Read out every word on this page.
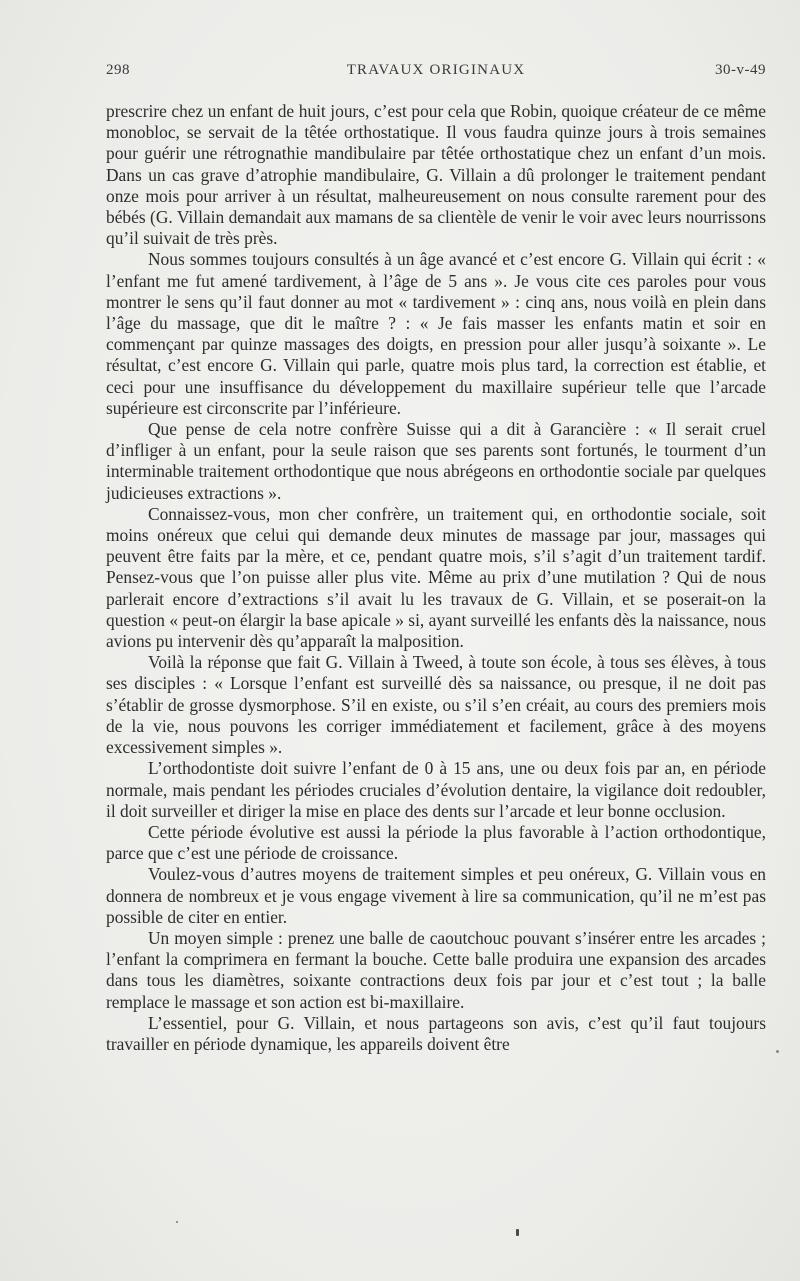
298	TRAVAUX ORIGINAUX	30-v-49

prescrire chez un enfant de huit jours, c’est pour cela que Robin, quoique créateur de ce même monobloc, se servait de la têtée orthostatique. Il vous faudra quinze jours à trois semaines pour guérir une rétrognathie mandibulaire par têtée orthostatique chez un enfant d’un mois. Dans un cas grave d’atrophie mandibulaire, G. Villain a dû prolonger le traitement pendant onze mois pour arriver à un résultat, malheureusement on nous consulte rarement pour des bébés (G. Villain demandait aux mamans de sa clientèle de venir le voir avec leurs nourrissons qu’il suivait de très près.

Nous sommes toujours consultés à un âge avancé et c’est encore G. Villain qui écrit : « l’enfant me fut amené tardivement, à l’âge de 5 ans ». Je vous cite ces paroles pour vous montrer le sens qu’il faut donner au mot « tardivement » : cinq ans, nous voilà en plein dans l’âge du massage, que dit le maître ? : « Je fais masser les enfants matin et soir en commençant par quinze massages des doigts, en pression pour aller jusqu’à soixante ». Le résultat, c’est encore G. Villain qui parle, quatre mois plus tard, la correction est établie, et ceci pour une insuffisance du développement du maxillaire supérieur telle que l’arcade supérieure est circonscrite par l’inférieure.

Que pense de cela notre confrère Suisse qui a dit à Garancière : « Il serait cruel d’infliger à un enfant, pour la seule raison que ses parents sont fortunés, le tourment d’un interminable traitement orthodontique que nous abrégeons en orthodontie sociale par quelques judicieuses extractions ».

Connaissez-vous, mon cher confrère, un traitement qui, en orthodontie sociale, soit moins onéreux que celui qui demande deux minutes de massage par jour, massages qui peuvent être faits par la mère, et ce, pendant quatre mois, s’il s’agit d’un traitement tardif. Pensez-vous que l’on puisse aller plus vite. Même au prix d’une mutilation ? Qui de nous parlerait encore d’extractions s’il avait lu les travaux de G. Villain, et se poserait-on la question « peut-on élargir la base apicale » si, ayant surveillé les enfants dès la naissance, nous avions pu intervenir dès qu’apparaît la malposition.

Voilà la réponse que fait G. Villain à Tweed, à toute son école, à tous ses élèves, à tous ses disciples : « Lorsque l’enfant est surveillé dès sa naissance, ou presque, il ne doit pas s’établir de grosse dysmorphose. S’il en existe, ou s’il s’en créait, au cours des premiers mois de la vie, nous pouvons les corriger immédiatement et facilement, grâce à des moyens excessivement simples ».

L’orthodontiste doit suivre l’enfant de 0 à 15 ans, une ou deux fois par an, en période normale, mais pendant les périodes cruciales d’évolution dentaire, la vigilance doit redoubler, il doit surveiller et diriger la mise en place des dents sur l’arcade et leur bonne occlusion.

Cette période évolutive est aussi la période la plus favorable à l’action orthodontique, parce que c’est une période de croissance.

Voulez-vous d’autres moyens de traitement simples et peu onéreux, G. Villain vous en donnera de nombreux et je vous engage vivement à lire sa communication, qu’il ne m’est pas possible de citer en entier.

Un moyen simple : prenez une balle de caoutchouc pouvant s’insérer entre les arcades ; l’enfant la comprimera en fermant la bouche. Cette balle produira une expansion des arcades dans tous les diamètres, soixante contractions deux fois par jour et c’est tout ; la balle remplace le massage et son action est bi-maxillaire.

L’essentiel, pour G. Villain, et nous partageons son avis, c’est qu’il faut toujours travailler en période dynamique, les appareils doivent être
